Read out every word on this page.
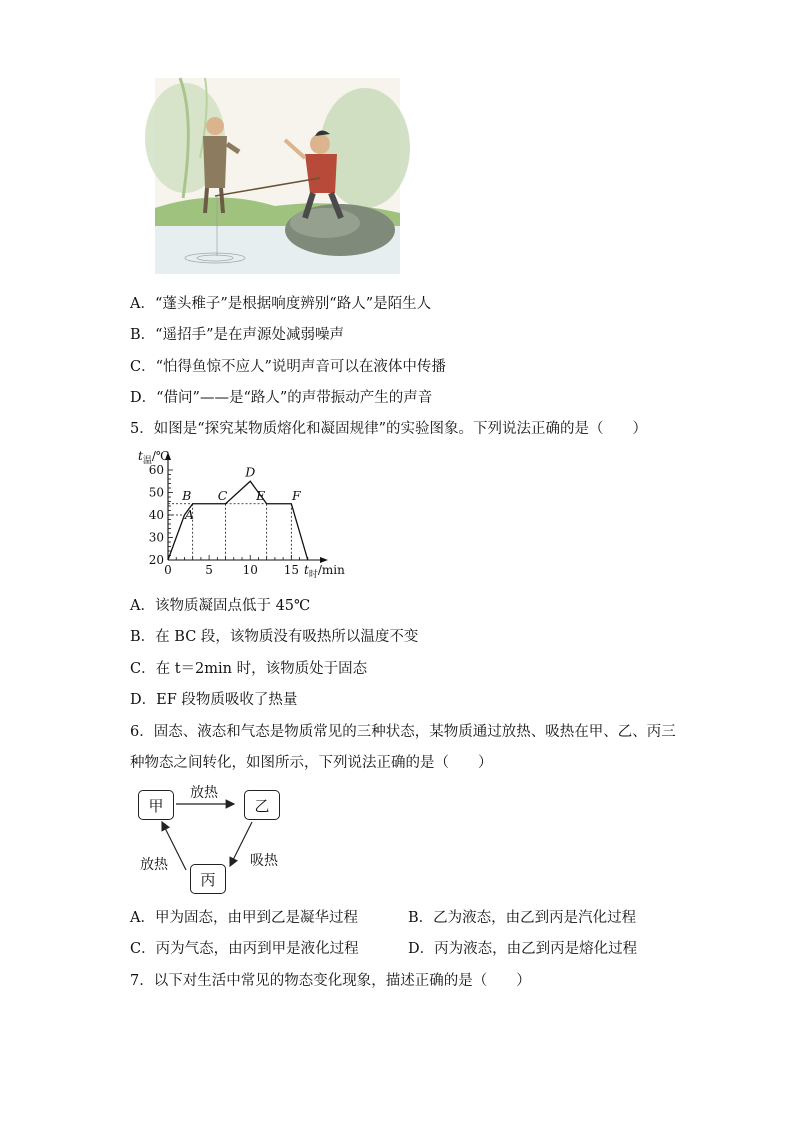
A．“蓬头稚子”是根据响度辨别“路人”是陌生人
B．“遥招手”是在声源处减弱噪声
C．“怕得鱼惊不应人”说明声音可以在液体中传播
D．“借问”——是“路人”的声带振动产生的声音
5．如图是“探究某物质熔化和凝固规律”的实验图象。下列说法正确的是（　　）
0	5 10 15
20
30
40
50
60
$t_温/℃$
$t_时/\min$
A
B C
D
E F
A．该物质凝固点低于 45℃
B．在 BC 段，该物质没有吸热所以温度不变
C．在 t＝2min 时，该物质处于固态
D．EF 段物质吸收了热量
6．固态、液态和气态是物质常见的三种状态，某物质通过放热、吸热在甲、乙、丙三
种物态之间转化，如图所示，下列说法正确的是（　　）
甲	乙
丙
放热
吸热
放热
A．甲为固态，由甲到乙是凝华过程	B．乙为液态，由乙到丙是汽化过程
C．丙为气态，由丙到甲是液化过程	D．丙为液态，由乙到丙是熔化过程
7．以下对生活中常见的物态变化现象，描述正确的是（　　）
